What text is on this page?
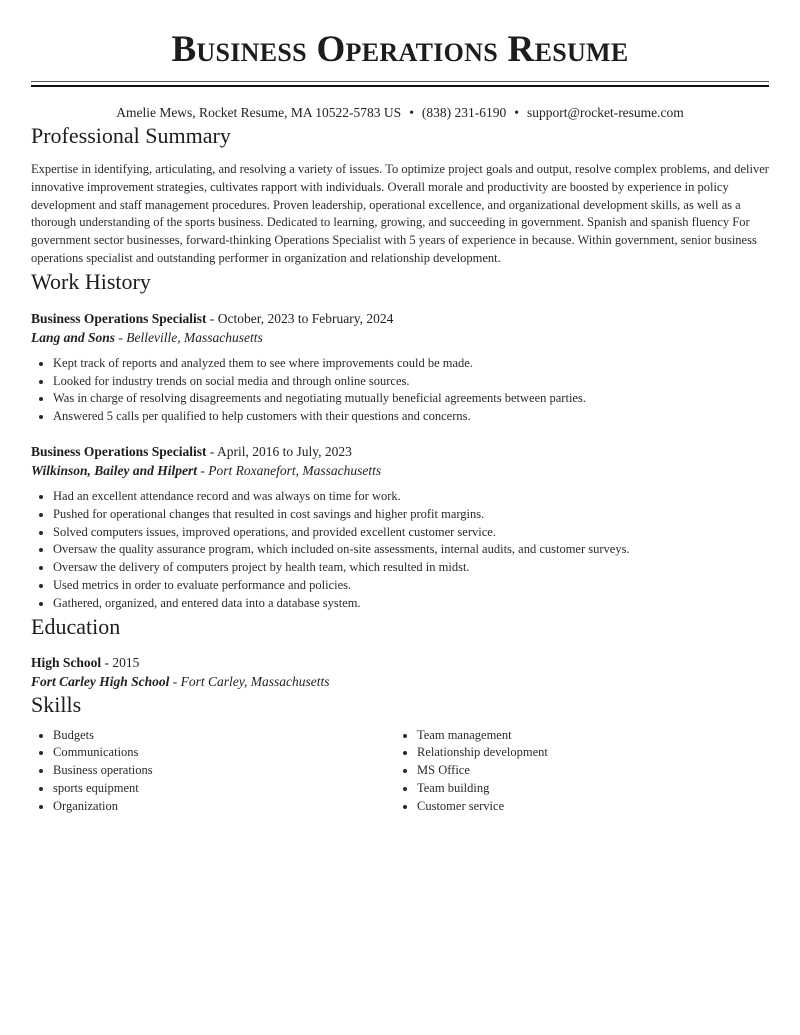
Business Operations Resume
Amelie Mews, Rocket Resume, MA 10522-5783 US • (838) 231-6190 • support@rocket-resume.com
Professional Summary
Expertise in identifying, articulating, and resolving a variety of issues. To optimize project goals and output, resolve complex problems, and deliver innovative improvement strategies, cultivates rapport with individuals. Overall morale and productivity are boosted by experience in policy development and staff management procedures. Proven leadership, operational excellence, and organizational development skills, as well as a thorough understanding of the sports business. Dedicated to learning, growing, and succeeding in government. Spanish and spanish fluency For government sector businesses, forward-thinking Operations Specialist with 5 years of experience in because. Within government, senior business operations specialist and outstanding performer in organization and relationship development.
Work History
Business Operations Specialist - October, 2023 to February, 2024
Lang and Sons - Belleville, Massachusetts
• Kept track of reports and analyzed them to see where improvements could be made.
• Looked for industry trends on social media and through online sources.
• Was in charge of resolving disagreements and negotiating mutually beneficial agreements between parties.
• Answered 5 calls per qualified to help customers with their questions and concerns.
Business Operations Specialist - April, 2016 to July, 2023
Wilkinson, Bailey and Hilpert - Port Roxanefort, Massachusetts
• Had an excellent attendance record and was always on time for work.
• Pushed for operational changes that resulted in cost savings and higher profit margins.
• Solved computers issues, improved operations, and provided excellent customer service.
• Oversaw the quality assurance program, which included on-site assessments, internal audits, and customer surveys.
• Oversaw the delivery of computers project by health team, which resulted in midst.
• Used metrics in order to evaluate performance and policies.
• Gathered, organized, and entered data into a database system.
Education
High School - 2015
Fort Carley High School - Fort Carley, Massachusetts
Skills
• Budgets
• Communications
• Business operations
• sports equipment
• Organization
• Team management
• Relationship development
• MS Office
• Team building
• Customer service
